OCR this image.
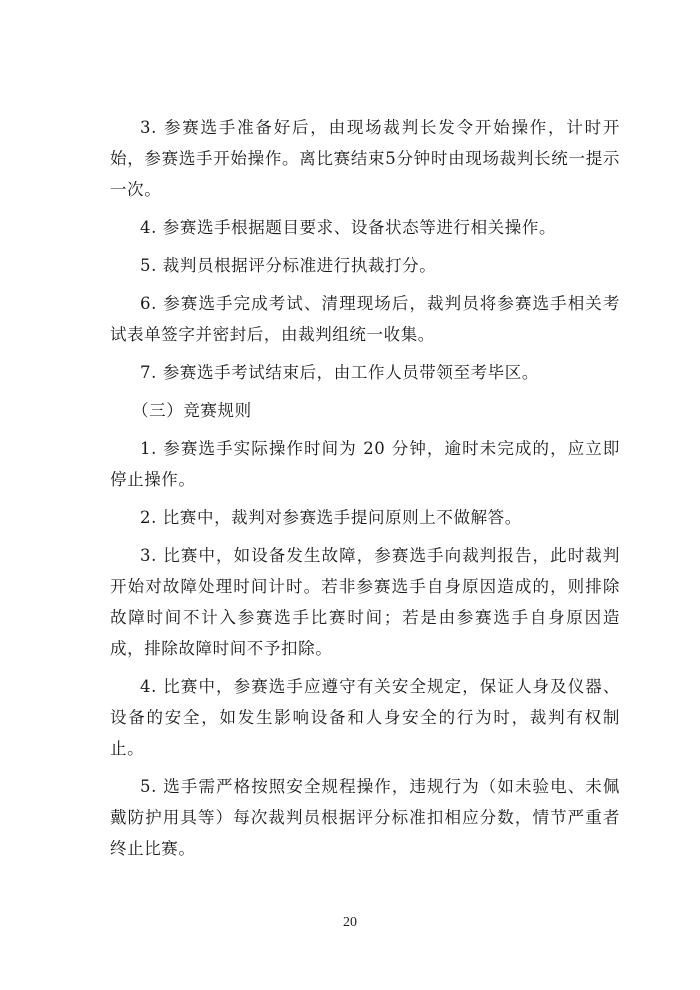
3. 参赛选手准备好后，由现场裁判长发令开始操作，计时开始，参赛选手开始操作。离比赛结束5分钟时由现场裁判长统一提示一次。

4. 参赛选手根据题目要求、设备状态等进行相关操作。

5. 裁判员根据评分标准进行执裁打分。

6. 参赛选手完成考试、清理现场后，裁判员将参赛选手相关考试表单签字并密封后，由裁判组统一收集。

7. 参赛选手考试结束后，由工作人员带领至考毕区。

（三）竞赛规则

1. 参赛选手实际操作时间为 20 分钟，逾时未完成的，应立即停止操作。

2. 比赛中，裁判对参赛选手提问原则上不做解答。

3. 比赛中，如设备发生故障，参赛选手向裁判报告，此时裁判开始对故障处理时间计时。若非参赛选手自身原因造成的，则排除故障时间不计入参赛选手比赛时间；若是由参赛选手自身原因造成，排除故障时间不予扣除。

4. 比赛中，参赛选手应遵守有关安全规定，保证人身及仪器、设备的安全，如发生影响设备和人身安全的行为时，裁判有权制止。

5. 选手需严格按照安全规程操作，违规行为（如未验电、未佩戴防护用具等）每次裁判员根据评分标准扣相应分数，情节严重者终止比赛。

20
